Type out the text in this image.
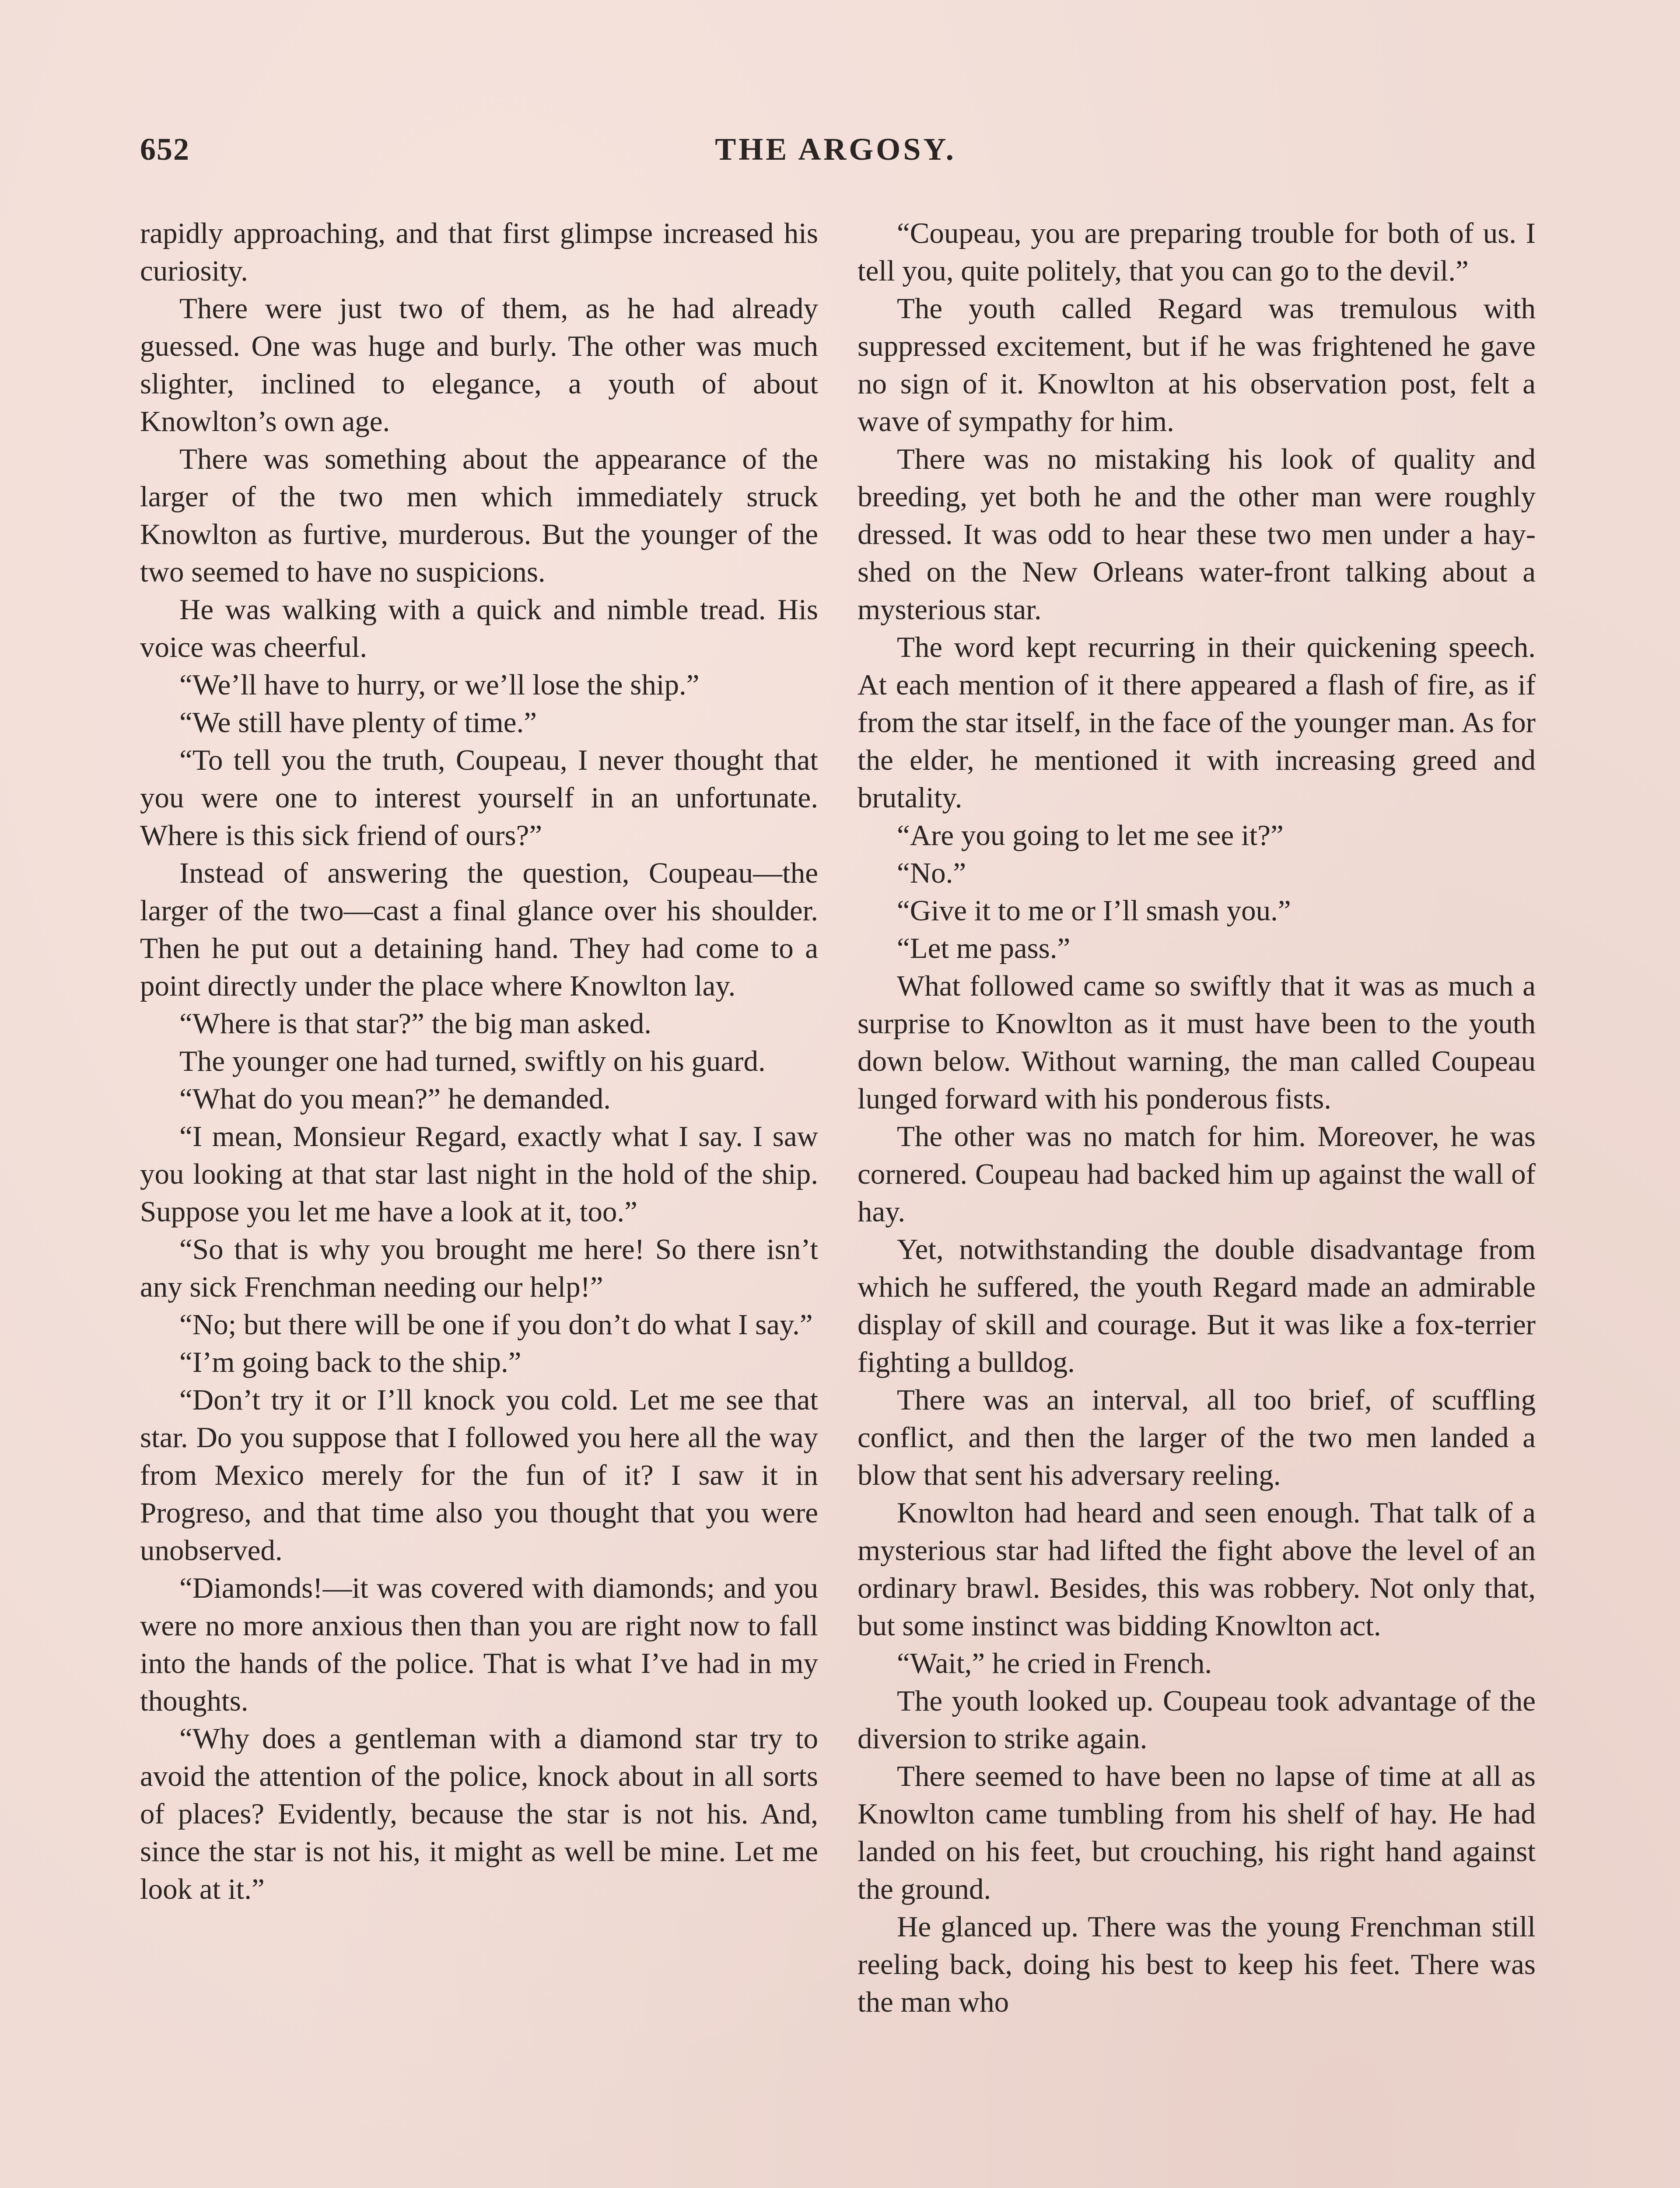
652	THE ARGOSY.

rapidly approaching, and that first glimpse increased his curiosity.

There were just two of them, as he had already guessed. One was huge and burly. The other was much slighter, inclined to elegance, a youth of about Knowlton’s own age.

There was something about the appearance of the larger of the two men which immediately struck Knowlton as furtive, murderous. But the younger of the two seemed to have no suspicions.

He was walking with a quick and nimble tread. His voice was cheerful.

“We’ll have to hurry, or we’ll lose the ship.”

“We still have plenty of time.”

“To tell you the truth, Coupeau, I never thought that you were one to interest yourself in an unfortunate. Where is this sick friend of ours?”

Instead of answering the question, Coupeau—the larger of the two—cast a final glance over his shoulder. Then he put out a detaining hand. They had come to a point directly under the place where Knowlton lay.

“Where is that star?” the big man asked.

The younger one had turned, swiftly on his guard.

“What do you mean?” he demanded.

“I mean, Monsieur Regard, exactly what I say. I saw you looking at that star last night in the hold of the ship. Suppose you let me have a look at it, too.”

“So that is why you brought me here! So there isn’t any sick Frenchman needing our help!”

“No; but there will be one if you don’t do what I say.”

“I’m going back to the ship.”

“Don’t try it or I’ll knock you cold. Let me see that star. Do you suppose that I followed you here all the way from Mexico merely for the fun of it? I saw it in Progreso, and that time also you thought that you were unobserved.

“Diamonds!—it was covered with diamonds; and you were no more anxious then than you are right now to fall into the hands of the police. That is what I’ve had in my thoughts.

“Why does a gentleman with a diamond star try to avoid the attention of the police, knock about in all sorts of places? Evidently, because the star is not his. And, since the star is not his, it might as well be mine. Let me look at it.”

“Coupeau, you are preparing trouble for both of us. I tell you, quite politely, that you can go to the devil.”

The youth called Regard was tremulous with suppressed excitement, but if he was frightened he gave no sign of it. Knowlton at his observation post, felt a wave of sympathy for him.

There was no mistaking his look of quality and breeding, yet both he and the other man were roughly dressed. It was odd to hear these two men under a hay-shed on the New Orleans water-front talking about a mysterious star.

The word kept recurring in their quickening speech. At each mention of it there appeared a flash of fire, as if from the star itself, in the face of the younger man. As for the elder, he mentioned it with increasing greed and brutality.

“Are you going to let me see it?”

“No.”

“Give it to me or I’ll smash you.”

“Let me pass.”

What followed came so swiftly that it was as much a surprise to Knowlton as it must have been to the youth down below. Without warning, the man called Coupeau lunged forward with his ponderous fists.

The other was no match for him. Moreover, he was cornered. Coupeau had backed him up against the wall of hay.

Yet, notwithstanding the double disadvantage from which he suffered, the youth Regard made an admirable display of skill and courage. But it was like a fox-terrier fighting a bulldog.

There was an interval, all too brief, of scuffling conflict, and then the larger of the two men landed a blow that sent his adversary reeling.

Knowlton had heard and seen enough. That talk of a mysterious star had lifted the fight above the level of an ordinary brawl. Besides, this was robbery. Not only that, but some instinct was bidding Knowlton act.

“Wait,” he cried in French.

The youth looked up. Coupeau took advantage of the diversion to strike again.

There seemed to have been no lapse of time at all as Knowlton came tumbling from his shelf of hay. He had landed on his feet, but crouching, his right hand against the ground.

He glanced up. There was the young Frenchman still reeling back, doing his best to keep his feet. There was the man who
